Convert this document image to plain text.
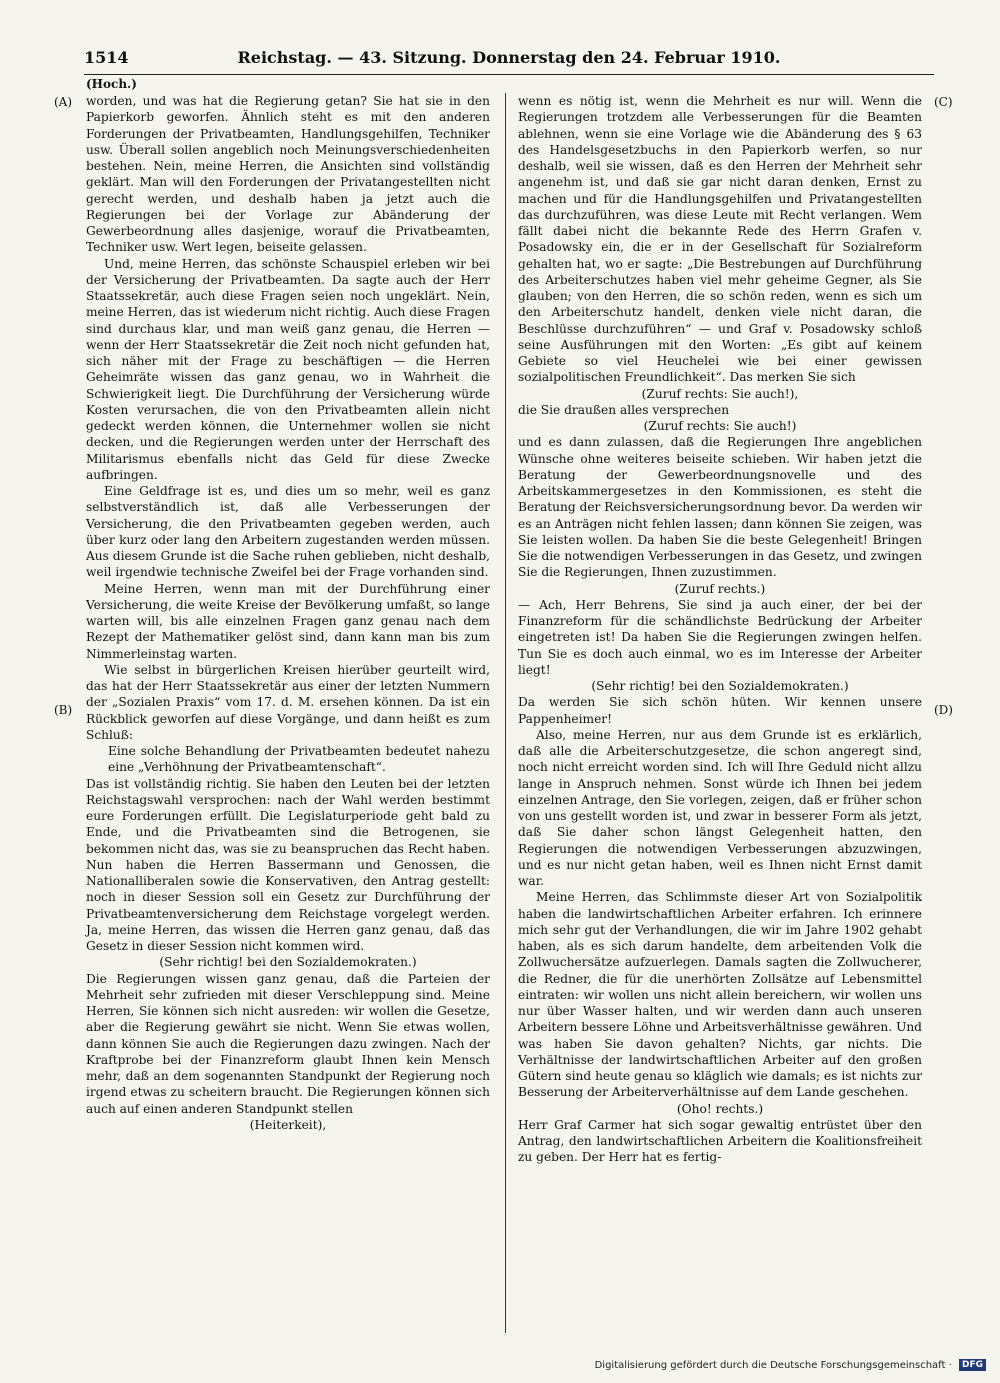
1514	Reichstag. — 43. Sitzung. Donnerstag den 24. Februar 1910.
(Hoch.)
(A)
(B)
(C)
(D)

worden, und was hat die Regierung getan? Sie hat sie in den Papierkorb geworfen. Ähnlich steht es mit den anderen Forderungen der Privatbeamten, Handlungsgehilfen, Techniker usw. Überall sollen angeblich noch Meinungsverschiedenheiten bestehen. Nein, meine Herren, die Ansichten sind vollständig geklärt. Man will den Forderungen der Privatangestellten nicht gerecht werden, und deshalb haben ja jetzt auch die Regierungen bei der Vorlage zur Abänderung der Gewerbeordnung alles dasjenige, worauf die Privatbeamten, Techniker usw. Wert legen, beiseite gelassen.

Und, meine Herren, das schönste Schauspiel erleben wir bei der Versicherung der Privatbeamten. Da sagte auch der Herr Staatssekretär, auch diese Fragen seien noch ungeklärt. Nein, meine Herren, das ist wiederum nicht richtig. Auch diese Fragen sind durchaus klar, und man weiß ganz genau, die Herren — wenn der Herr Staatssekretär die Zeit noch nicht gefunden hat, sich näher mit der Frage zu beschäftigen — die Herren Geheimräte wissen das ganz genau, wo in Wahrheit die Schwierigkeit liegt. Die Durchführung der Versicherung würde Kosten verursachen, die von den Privatbeamten allein nicht gedeckt werden können, die Unternehmer wollen sie nicht decken, und die Regierungen werden unter der Herrschaft des Militarismus ebenfalls nicht das Geld für diese Zwecke aufbringen.

Eine Geldfrage ist es, und dies um so mehr, weil es ganz selbstverständlich ist, daß alle Verbesserungen der Versicherung, die den Privatbeamten gegeben werden, auch über kurz oder lang den Arbeitern zugestanden werden müssen. Aus diesem Grunde ist die Sache ruhen geblieben, nicht deshalb, weil irgendwie technische Zweifel bei der Frage vorhanden sind.

Meine Herren, wenn man mit der Durchführung einer Versicherung, die weite Kreise der Bevölkerung umfaßt, so lange warten will, bis alle einzelnen Fragen ganz genau nach dem Rezept der Mathematiker gelöst sind, dann kann man bis zum Nimmerleinstag warten.

Wie selbst in bürgerlichen Kreisen hierüber geurteilt wird, das hat der Herr Staatssekretär aus einer der letzten Nummern der „Sozialen Praxis“ vom 17. d. M. ersehen können. Da ist ein Rückblick geworfen auf diese Vorgänge, und dann heißt es zum Schluß:

Eine solche Behandlung der Privatbeamten bedeutet nahezu eine „Verhöhnung der Privatbeamtenschaft“.

Das ist vollständig richtig. Sie haben den Leuten bei der letzten Reichstagswahl versprochen: nach der Wahl werden bestimmt eure Forderungen erfüllt. Die Legislaturperiode geht bald zu Ende, und die Privatbeamten sind die Betrogenen, sie bekommen nicht das, was sie zu beanspruchen das Recht haben. Nun haben die Herren Bassermann und Genossen, die Nationalliberalen sowie die Konservativen, den Antrag gestellt: noch in dieser Session soll ein Gesetz zur Durchführung der Privatbeamtenversicherung dem Reichstage vorgelegt werden. Ja, meine Herren, das wissen die Herren ganz genau, daß das Gesetz in dieser Session nicht kommen wird.

(Sehr richtig! bei den Sozialdemokraten.)

Die Regierungen wissen ganz genau, daß die Parteien der Mehrheit sehr zufrieden mit dieser Verschleppung sind. Meine Herren, Sie können sich nicht ausreden: wir wollen die Gesetze, aber die Regierung gewährt sie nicht. Wenn Sie etwas wollen, dann können Sie auch die Regierungen dazu zwingen. Nach der Kraftprobe bei der Finanzreform glaubt Ihnen kein Mensch mehr, daß an dem sogenannten Standpunkt der Regierung noch irgend etwas zu scheitern braucht. Die Regierungen können sich auch auf einen anderen Standpunkt stellen

(Heiterkeit),

wenn es nötig ist, wenn die Mehrheit es nur will. Wenn die Regierungen trotzdem alle Verbesserungen für die Beamten ablehnen, wenn sie eine Vorlage wie die Abänderung des § 63 des Handelsgesetzbuchs in den Papierkorb werfen, so nur deshalb, weil sie wissen, daß es den Herren der Mehrheit sehr angenehm ist, und daß sie gar nicht daran denken, Ernst zu machen und für die Handlungsgehilfen und Privatangestellten das durchzuführen, was diese Leute mit Recht verlangen. Wem fällt dabei nicht die bekannte Rede des Herrn Grafen v. Posadowsky ein, die er in der Gesellschaft für Sozialreform gehalten hat, wo er sagte: „Die Bestrebungen auf Durchführung des Arbeiterschutzes haben viel mehr geheime Gegner, als Sie glauben; von den Herren, die so schön reden, wenn es sich um den Arbeiterschutz handelt, denken viele nicht daran, die Beschlüsse durchzuführen“ — und Graf v. Posadowsky schloß seine Ausführungen mit den Worten: „Es gibt auf keinem Gebiete so viel Heuchelei wie bei einer gewissen sozialpolitischen Freundlichkeit“. Das merken Sie sich

(Zuruf rechts: Sie auch!),

die Sie draußen alles versprechen

(Zuruf rechts: Sie auch!)

und es dann zulassen, daß die Regierungen Ihre angeblichen Wünsche ohne weiteres beiseite schieben. Wir haben jetzt die Beratung der Gewerbeordnungsnovelle und des Arbeitskammergesetzes in den Kommissionen, es steht die Beratung der Reichsversicherungsordnung bevor. Da werden wir es an Anträgen nicht fehlen lassen; dann können Sie zeigen, was Sie leisten wollen. Da haben Sie die beste Gelegenheit! Bringen Sie die notwendigen Verbesserungen in das Gesetz, und zwingen Sie die Regierungen, Ihnen zuzustimmen.

(Zuruf rechts.)

— Ach, Herr Behrens, Sie sind ja auch einer, der bei der Finanzreform für die schändlichste Bedrückung der Arbeiter eingetreten ist! Da haben Sie die Regierungen zwingen helfen. Tun Sie es doch auch einmal, wo es im Interesse der Arbeiter liegt!

(Sehr richtig! bei den Sozialdemokraten.)

Da werden Sie sich schön hüten. Wir kennen unsere Pappenheimer!

Also, meine Herren, nur aus dem Grunde ist es erklärlich, daß alle die Arbeiterschutzgesetze, die schon angeregt sind, noch nicht erreicht worden sind. Ich will Ihre Geduld nicht allzu lange in Anspruch nehmen. Sonst würde ich Ihnen bei jedem einzelnen Antrage, den Sie vorlegen, zeigen, daß er früher schon von uns gestellt worden ist, und zwar in besserer Form als jetzt, daß Sie daher schon längst Gelegenheit hatten, den Regierungen die notwendigen Verbesserungen abzuzwingen, und es nur nicht getan haben, weil es Ihnen nicht Ernst damit war.

Meine Herren, das Schlimmste dieser Art von Sozialpolitik haben die landwirtschaftlichen Arbeiter erfahren. Ich erinnere mich sehr gut der Verhandlungen, die wir im Jahre 1902 gehabt haben, als es sich darum handelte, dem arbeitenden Volk die Zollwuchersätze aufzuerlegen. Damals sagten die Zollwucherer, die Redner, die für die unerhörten Zollsätze auf Lebensmittel eintraten: wir wollen uns nicht allein bereichern, wir wollen uns nur über Wasser halten, und wir werden dann auch unseren Arbeitern bessere Löhne und Arbeitsverhältnisse gewähren. Und was haben Sie davon gehalten? Nichts, gar nichts. Die Verhältnisse der landwirtschaftlichen Arbeiter auf den großen Gütern sind heute genau so kläglich wie damals; es ist nichts zur Besserung der Arbeiterverhältnisse auf dem Lande geschehen.

(Oho! rechts.)

Herr Graf Carmer hat sich sogar gewaltig entrüstet über den Antrag, den landwirtschaftlichen Arbeitern die Koalitionsfreiheit zu geben. Der Herr hat es fertig-

Digitalisierung gefördert durch die Deutsche Forschungsgemeinschaft · DFG
